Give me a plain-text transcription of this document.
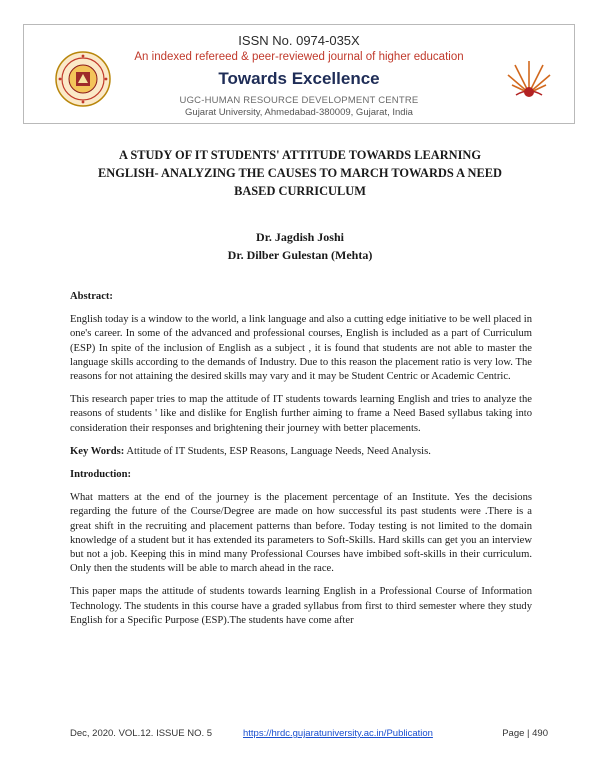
ISSN No. 0974-035X
An indexed refereed & peer-reviewed journal of higher education
Towards Excellence
UGC-HUMAN RESOURCE DEVELOPMENT CENTRE
Gujarat University, Ahmedabad-380009, Gujarat, India
A STUDY OF IT STUDENTS' ATTITUDE TOWARDS LEARNING
ENGLISH- ANALYZING THE CAUSES TO MARCH TOWARDS A NEED
BASED CURRICULUM
Dr. Jagdish Joshi
Dr. Dilber Gulestan (Mehta)

Abstract:

English today is a window to the world, a link language and also a cutting edge initiative to be well placed in one's career. In some of the advanced and professional courses, English is included as a part of Curriculum (ESP) In spite of the inclusion of English as a subject , it is found that students are not able to master the language skills according to the demands of Industry. Due to this reason the placement ratio is very low. The reasons for not attaining the desired skills may vary and it may be Student Centric or Academic Centric.

This research paper tries to map the attitude of IT students towards learning English and tries to analyze the reasons of students ' like and dislike for English further aiming to frame a Need Based syllabus taking into consideration their responses and brightening their journey with better placements.

Key Words: Attitude of IT Students, ESP Reasons, Language Needs, Need Analysis.

Introduction:

What matters at the end of the journey is the placement percentage of an Institute. Yes the decisions regarding the future of the Course/Degree are made on how successful its past students were .There is a great shift in the recruiting and placement patterns than before. Today testing is not limited to the domain knowledge of a student but it has extended its parameters to Soft-Skills. Hard skills can get you an interview but not a job. Keeping this in mind many Professional Courses have imbibed soft-skills in their curriculum. Only then the students will be able to march ahead in the race.

This paper maps the attitude of students towards learning English in a Professional Course of Information Technology. The students in this course have a graded syllabus from first to third semester where they study English for a Specific Purpose (ESP).The students have come after

Dec, 2020. VOL.12. ISSUE NO. 5	https://hrdc.gujaratuniversity.ac.in/Publication	Page | 490
